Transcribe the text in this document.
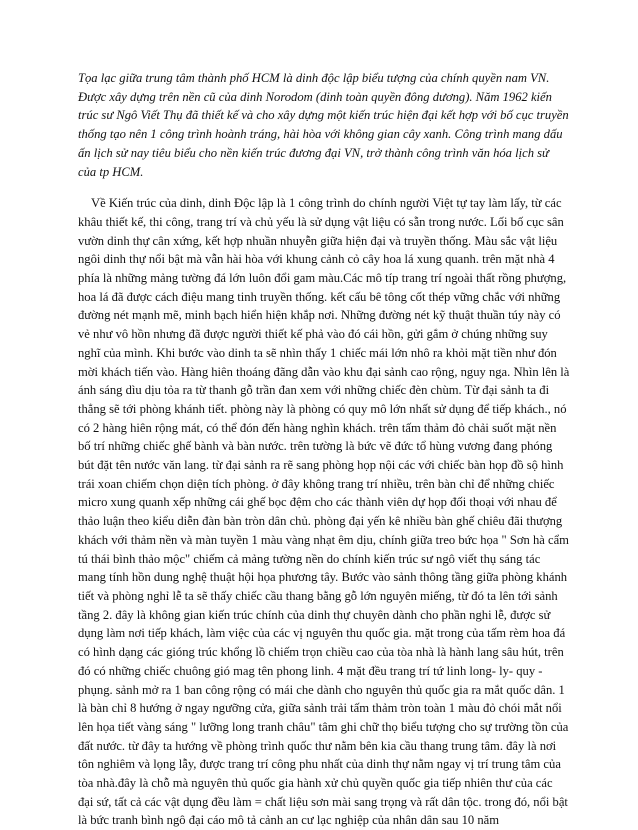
Tọa lạc giữa trung tâm thành phố HCM là dinh độc lập biểu tượng của chính quyền nam VN. Được xây dựng trên nền cũ của dinh Norodom (dinh toàn quyền đông dương). Năm 1962 kiến trúc sư Ngô Viết Thụ đã thiết kế và cho xây dựng một kiến trúc hiện đại kết hợp với bố cục truyền thống tạo nên 1 công trình hoành tráng, hài hòa với không gian cây xanh. Công trình mang dấu ấn lịch sử nay tiêu biểu cho nền kiến trúc đương đại VN, trở thành công trình văn hóa lịch sử của tp HCM.

Về Kiến trúc của dinh, dinh Độc lập là 1 công trình do chính người Việt tự tay làm lấy, từ các khâu thiết kế, thi công, trang trí và chủ yếu là sử dụng vật liệu có sẵn trong nước. Lối bố cục sân vườn dinh thự cân xứng, kết hợp nhuần nhuyễn giữa hiện đại và truyền thống. Màu sắc vật liệu ngôi dinh thự nổi bật mà vẫn hài hòa với khung cảnh cỏ cây hoa lá xung quanh. trên mặt nhà 4 phía là những mảng tường đá lớn luôn đổi gam màu.Các mô típ trang trí ngoài thất rồng phượng, hoa lá đã được cách điệu mang tinh truyền thống. kết cấu bê tông cốt thép vững chắc với những đường nét mạnh mẽ, minh bạch hiển hiện khắp nơi. Những đường nét kỹ thuật thuần túy này có vẻ như vô hồn nhưng đã được người thiết kế phả vào đó cái hồn, gửi gắm ở chúng những suy nghĩ của mình. Khi bước vào dinh ta sẽ nhìn thấy 1 chiếc mái lớn nhô ra khỏi mặt tiền như đón mời khách tiến vào. Hàng hiên thoáng đãng dẫn vào khu đại sảnh cao rộng, nguy nga. Nhìn lên là ánh sáng dìu dịu tỏa ra từ thanh gỗ trần đan xem với những chiếc đèn chùm. Từ đại sảnh ta đi thẳng sẽ tới phòng khánh tiết. phòng này là phòng có quy mô lớn nhất sử dụng để tiếp khách., nó có 2 hàng hiên rộng mát, có thể đón đến hàng nghìn khách. trên tấm thảm đỏ chải suốt mặt nền bố trí những chiếc ghế bành và bàn nước. trên tường là bức vẽ đức tổ hùng vương đang phóng bút đặt tên nước văn lang. từ đại sảnh ra rẽ sang phòng họp nội các với chiếc bàn họp đồ sộ hình trái xoan chiếm chọn diện tích phòng. ở đây không trang trí nhiều, trên bàn chỉ để những chiếc micro xung quanh xếp những cái ghế bọc đệm cho các thành viên dự họp đối thoại với nhau để thảo luận theo kiểu diễn đàn bàn tròn dân chủ. phòng đại yến kê nhiều bàn ghế chiêu đãi thượng khách với thảm nền và màn tuyền 1 màu vàng nhạt êm dịu, chính giữa treo bức họa " Sơn hà cẩm tú thái bình thảo mộc" chiếm cả mảng tường nền do chính kiến trúc sư ngô viết thụ sáng tác mang tính hồn dung nghệ thuật hội họa phương tây. Bước vào sảnh thông tầng giữa phòng khánh tiết và phòng nghỉ lễ ta sẽ thấy chiếc cầu thang bằng gỗ lớn nguyên miếng, từ đó ta lên tới sảnh tầng 2. đây là không gian kiến trúc chính của dinh thự chuyên dành cho phần nghi lễ, được sử dụng làm nơi tiếp khách, làm việc của các vị nguyên thu quốc gia. mặt trong của tấm rèm hoa đá có hình dạng các gióng trúc khổng lồ chiếm trọn chiều cao của tòa nhà là hành lang sâu hút, trên đó có những chiếc chuông gió mag tên phong linh. 4 mặt đều trang trí tứ linh long- ly- quy - phụng. sảnh mở ra 1 ban công rộng có mái che dành cho nguyên thủ quốc gia ra mắt quốc dân. 1 là bàn chỉ 8 hướng ở ngay ngưỡng cửa, giữa sảnh trải tấm thảm tròn toàn 1 màu đỏ chói mắt nổi lên họa tiết vàng sáng " lưỡng long tranh châu" tâm ghi chữ thọ biểu tượng cho sự trường tồn của đất nước. từ đây ta hướng về phòng trình quốc thư nằm bên kia cầu thang trung tâm. đây là nơi tôn nghiêm và lọng lẫy, được trang trí công phu nhất của dinh thự nằm ngay vị trí trung tâm của tòa nhà.đây là chỗ mà nguyên thủ quốc gia hành xử chủ quyền quốc gia tiếp nhiên thư của các đại sứ, tất cả các vật dụng đều làm = chất liệu sơn mài sang trọng và rất dân tộc. trong đó, nổi bật là bức tranh bình ngô đại cáo mô tả cảnh an cư lạc nghiệp của nhân dân sau 10 năm
